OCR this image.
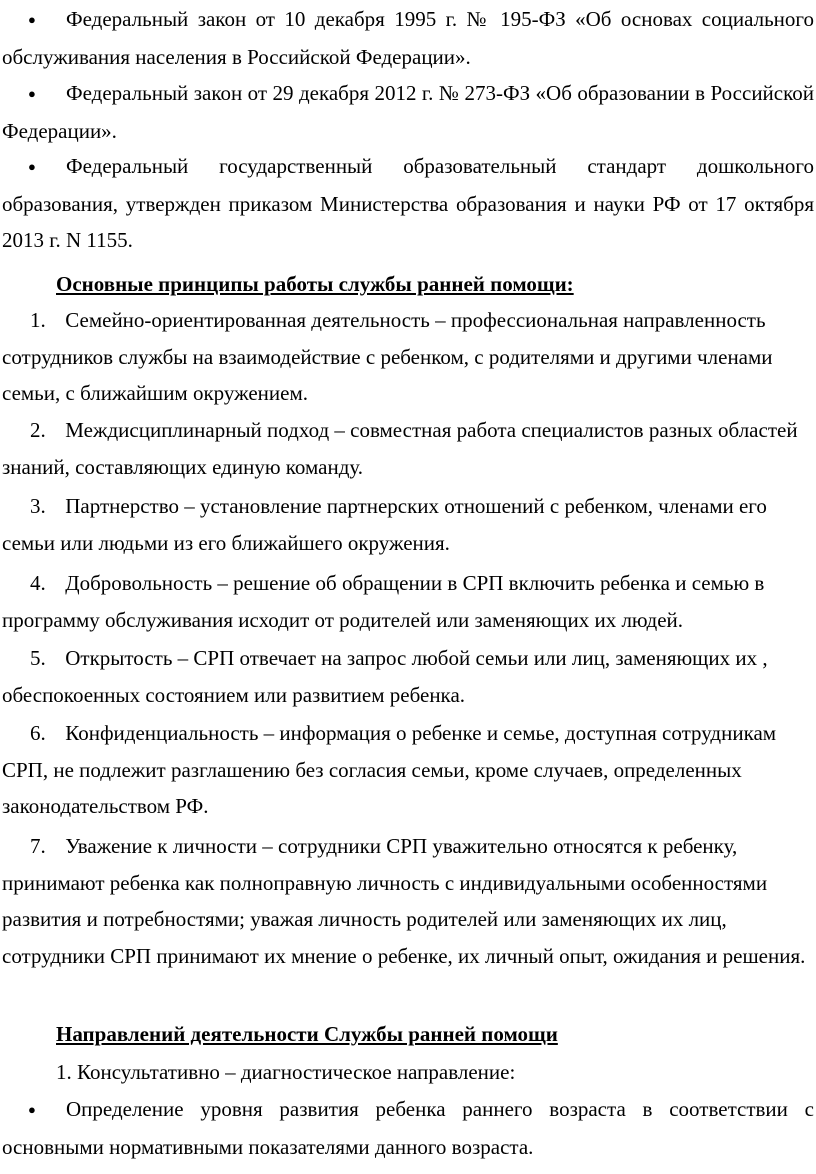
● Федеральный закон от 10 декабря 1995 г. № 195-ФЗ «Об основах социального обслуживания населения в Российской Федерации».

● Федеральный закон от 29 декабря 2012 г. № 273-ФЗ «Об образовании в Российской Федерации».

● Федеральный государственный образовательный стандарт дошкольного образования, утвержден приказом Министерства образования и науки РФ от 17 октября 2013 г. N 1155.

Основные принципы работы службы ранней помощи:

1. Семейно-ориентированная деятельность – профессиональная направленность сотрудников службы на взаимодействие с ребенком, с родителями и другими членами семьи, с ближайшим окружением.

2. Междисциплинарный подход – совместная работа специалистов разных областей знаний, составляющих единую команду.

3. Партнерство – установление партнерских отношений с ребенком, членами его семьи или людьми из его ближайшего окружения.

4. Добровольность – решение об обращении в СРП включить ребенка и семью в программу обслуживания исходит от родителей или заменяющих их людей.

5. Открытость – СРП отвечает на запрос любой семьи или лиц, заменяющих их , обеспокоенных состоянием или развитием ребенка.

6. Конфиденциальность – информация о ребенке и семье, доступная сотрудникам СРП, не подлежит разглашению без согласия семьи, кроме случаев, определенных законодательством РФ.

7. Уважение к личности – сотрудники СРП уважительно относятся к ребенку, принимают ребенка как полноправную личность с индивидуальными особенностями развития и потребностями; уважая личность родителей или заменяющих их лиц, сотрудники СРП принимают их мнение о ребенке, их личный опыт, ожидания и решения.

Направлений деятельности Службы ранней помощи

1. Консультативно – диагностическое направление:

● Определение уровня развития ребенка раннего возраста в соответствии с основными нормативными показателями данного возраста.
